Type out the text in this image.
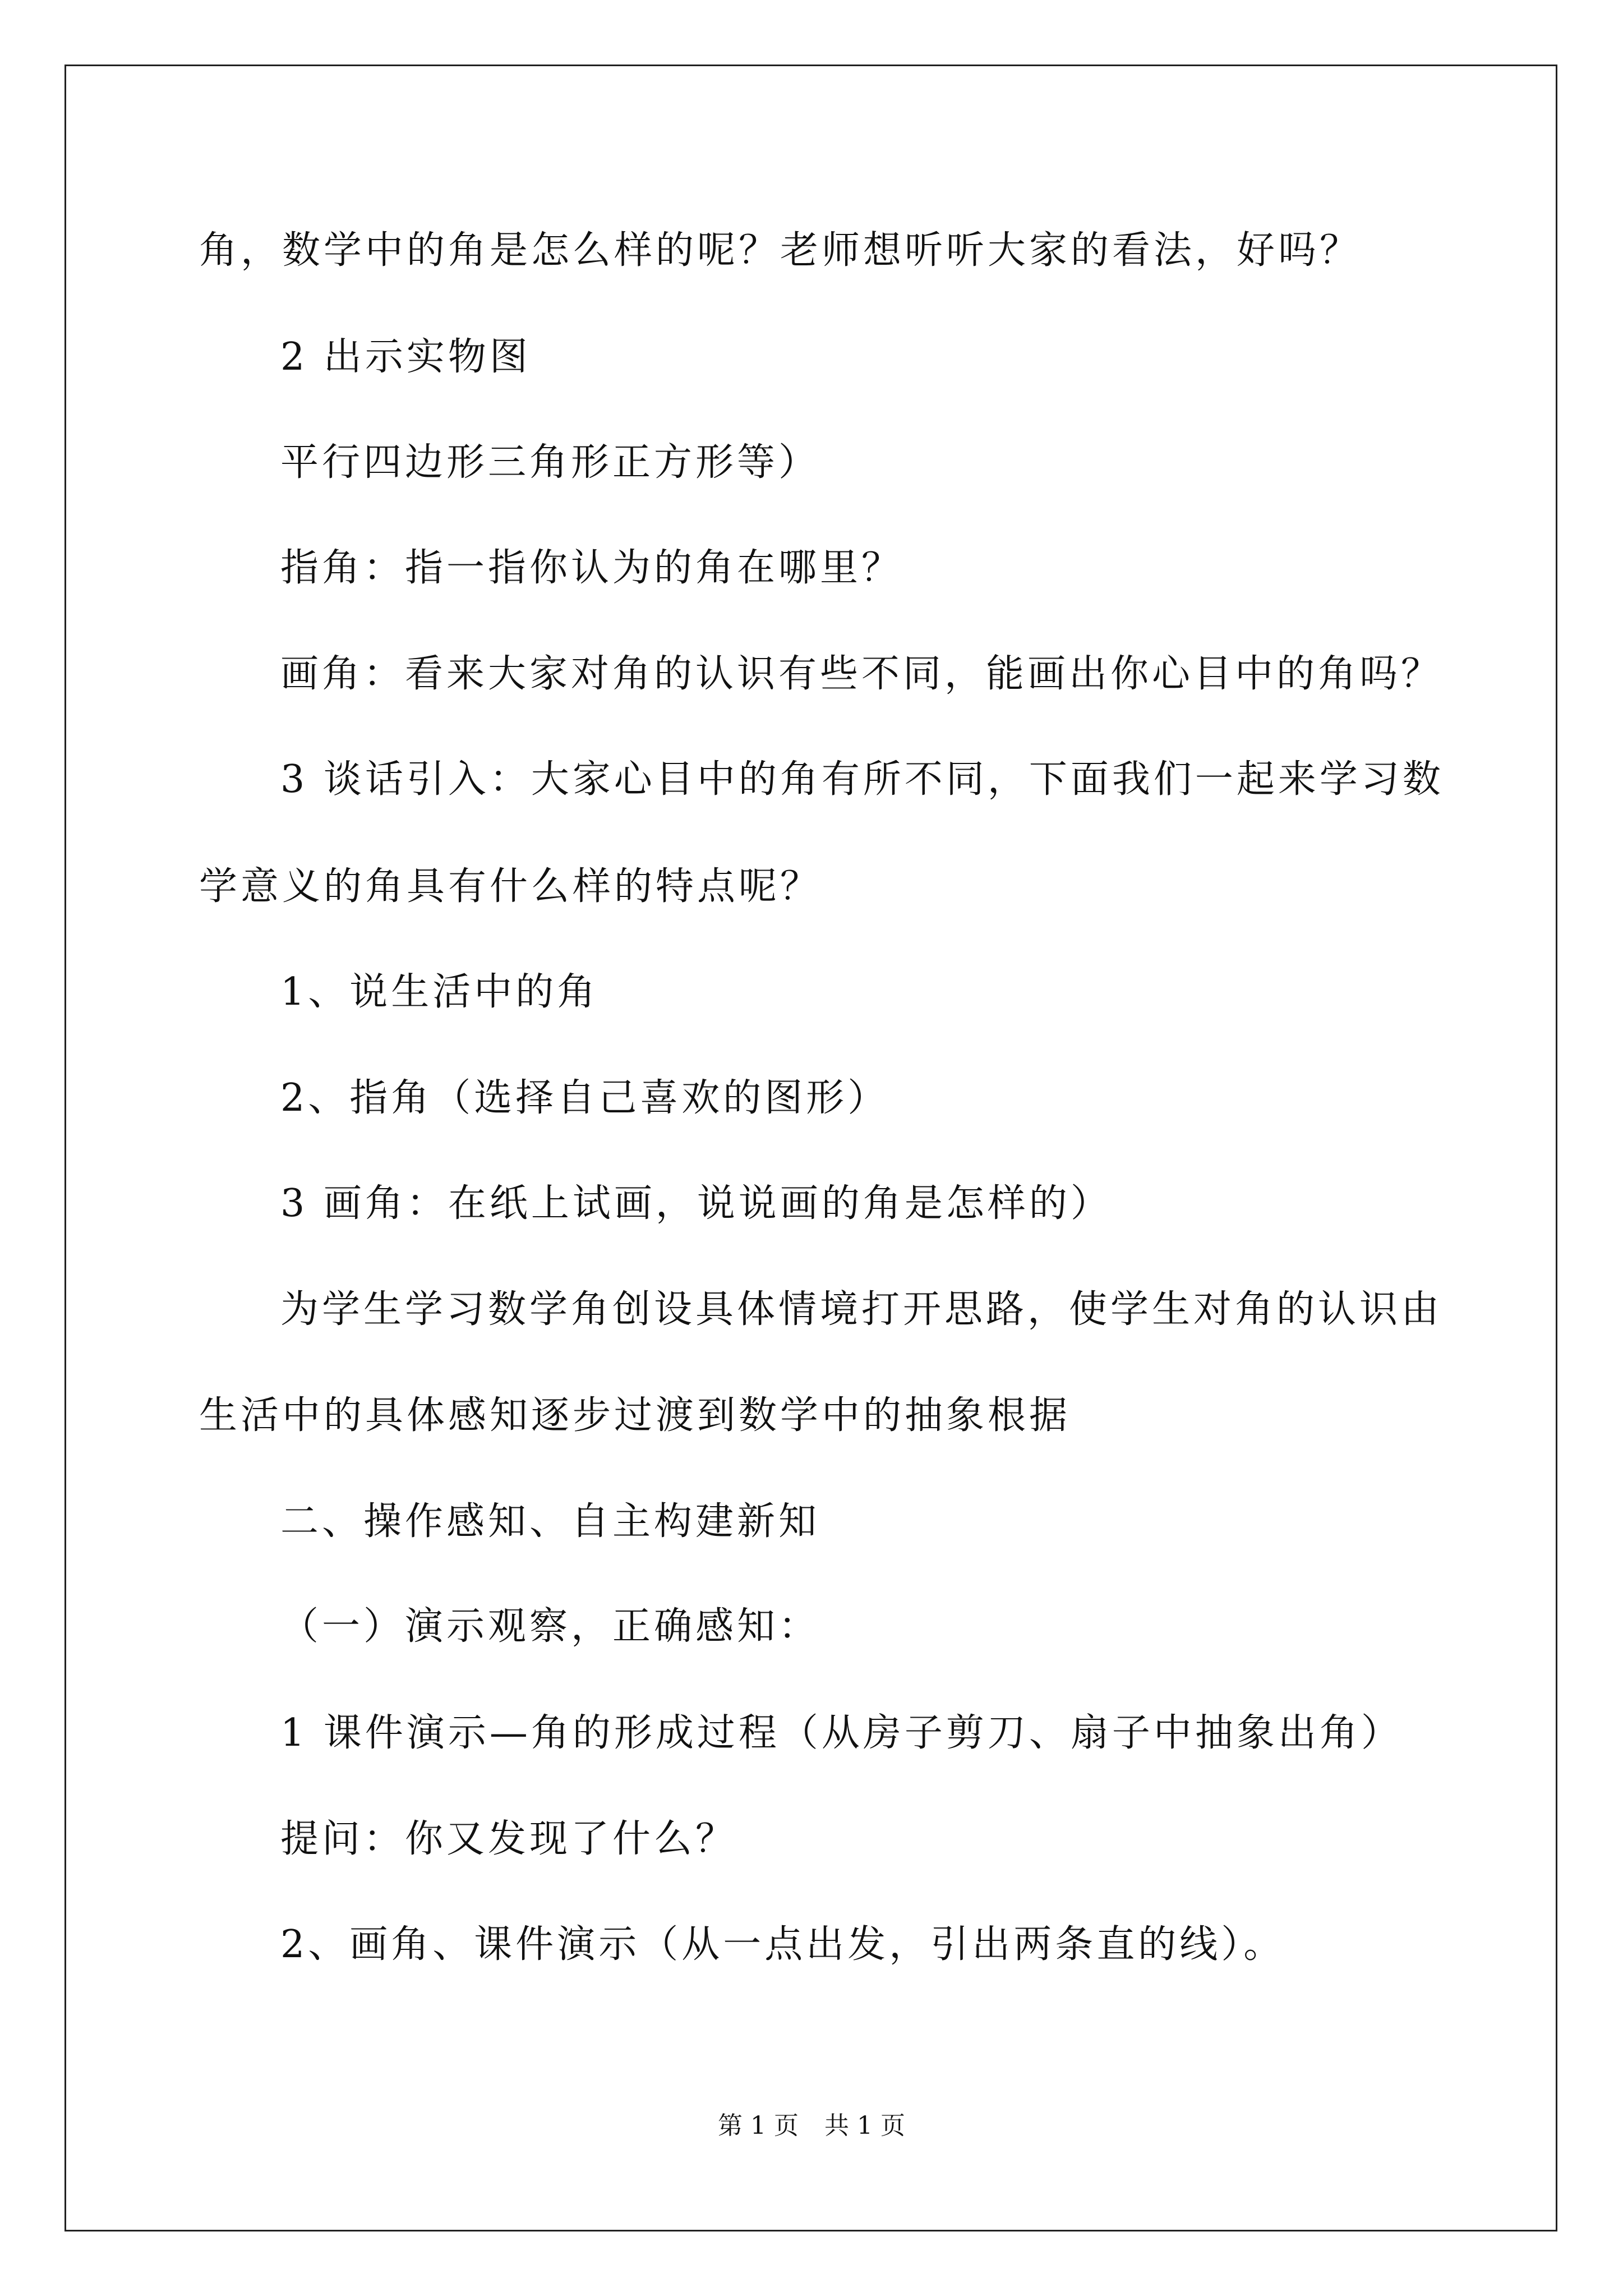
角，数学中的角是怎么样的呢？老师想听听大家的看法，好吗？
2 出示实物图
平行四边形三角形正方形等）
指角：指一指你认为的角在哪里？
画角：看来大家对角的认识有些不同，能画出你心目中的角吗？
3 谈话引入：大家心目中的角有所不同，下面我们一起来学习数
学意义的角具有什么样的特点呢？
1、说生活中的角
2、指角（选择自己喜欢的图形）
3 画角：在纸上试画，说说画的角是怎样的）
为学生学习数学角创设具体情境打开思路，使学生对角的认识由
生活中的具体感知逐步过渡到数学中的抽象根据
二、操作感知、自主构建新知
（一）演示观察，正确感知：
1 课件演示—角的形成过程（从房子剪刀、扇子中抽象出角）
提问：你又发现了什么？
2、画角、课件演示（从一点出发，引出两条直的线）。
第 1 页 共 1 页
